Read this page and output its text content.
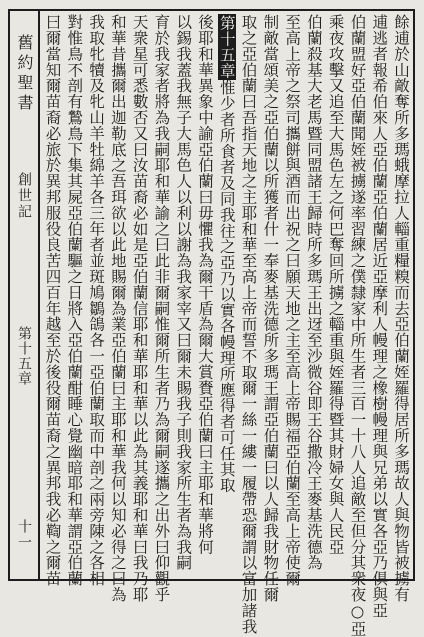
舊約聖書
創世記
第十五章
十一	餘逋於山敵奪所多瑪蛾摩拉人輜重糧糗而去亞伯蘭姪羅得居所多瑪故人與物皆被擄有
逋逃者報希伯來人亞伯蘭亞伯蘭居近亞摩利人幔理之橡樹幔理與兄弟以實各亞乃俱與亞
伯蘭盟好亞伯蘭聞姪被擄遂率習練之僕隸家中所生者三百一十八人追敵至但分其衆夜○亞
乘夜攻擊又追至大馬色左之何巴奪回所擄之輜重與姪羅得暨其財婦女與人民亞
伯蘭殺基大老馬暨同盟諸王歸時所多瑪王出迓至沙微谷即王谷撒冷王麥基洗德為
至高上帝之祭司攜餅與酒而出祝之曰願天地之主至高上帝賜福亞伯蘭至高上帝使爾
制敵當頌美之亞伯蘭以所獲者什一奉麥基洗德所多瑪王謂亞伯蘭曰以人歸我財物任爾
取之亞伯蘭曰吾指天地之主耶和華至高上帝而誓不取爾一絲一縷一履帶恐爾謂以富加諸我
第十五章惟少者所食者及同我往之亞乃以實各幔理所應得者可任其取
後耶和華異象中諭亞伯蘭曰毋懼我為爾干盾為爾大賞賚亞伯蘭曰主耶和華將何
以錫我蓋我無子大馬色人以利以謝為我家宰又曰爾未賜我子則我家所生者為我嗣
育於我家者將為我嗣耶和華諭之曰此非爾嗣惟爾所生者乃為爾嗣遂攜之出外曰仰觀乎
天衆星可悉數否又曰汝苗裔必如是亞伯蘭信耶和華耶和華以此為其義耶和華曰我乃耶
和華昔攜爾出迦勒底之吾珥欲以此地賜爾為業亞伯蘭曰主耶和華我何以知必得之曰為
我取牝犢及牝山羊牡綿羊各三年者並斑鳩鶵鴿各一亞伯蘭取而中剖之兩旁陳之各相
對惟鳥不剖有鷙鳥下集其屍亞伯蘭驅之日將入亞伯蘭酣睡心覺幽暗耶和華謂亞伯蘭
曰爾當知爾苗裔必旅於異邦服役良苦四百年越至於後役爾苗裔之異邦我必鞫之爾苗
